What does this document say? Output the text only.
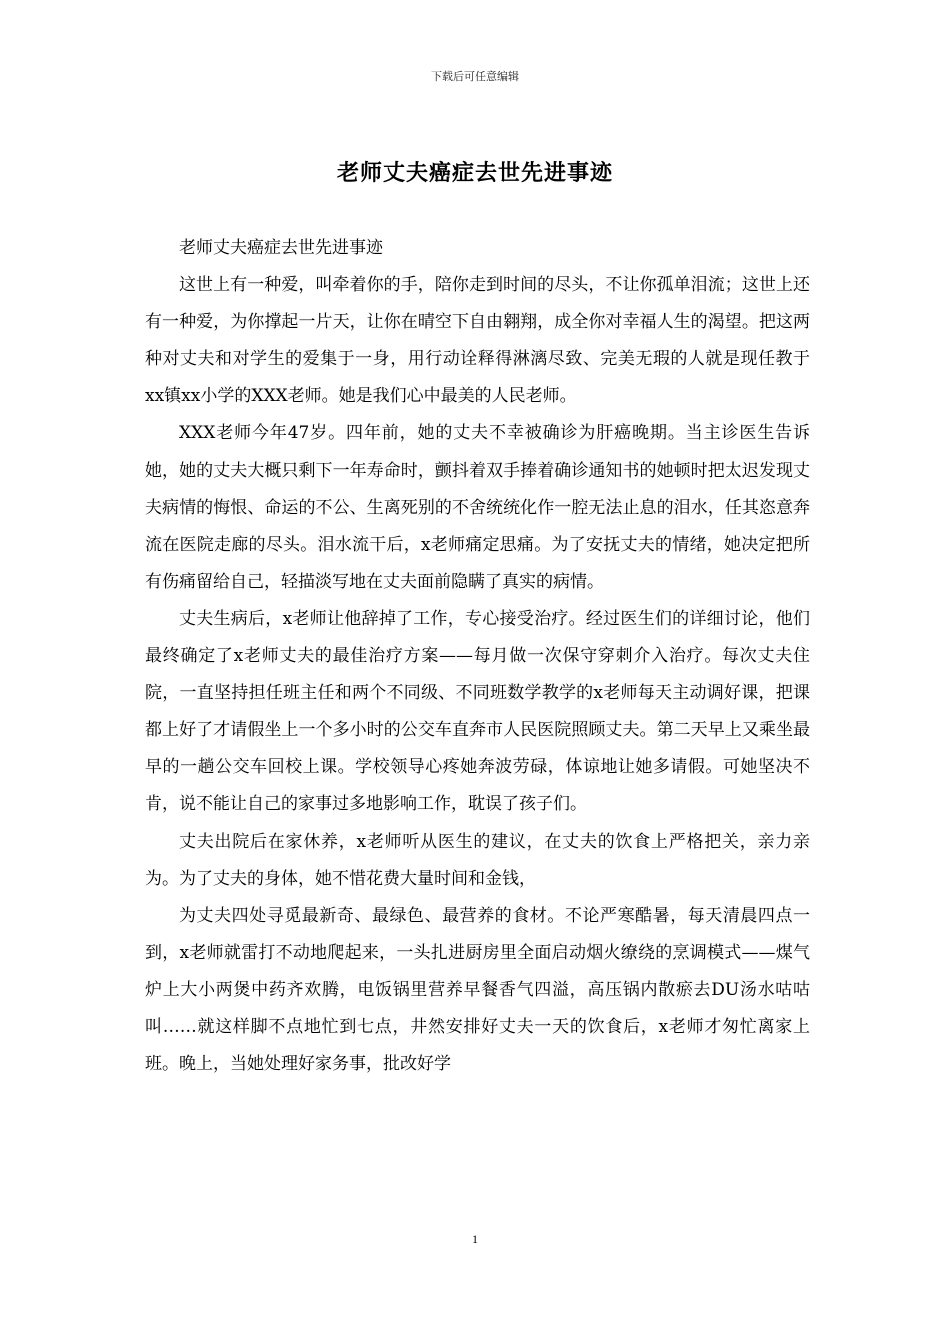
下载后可任意编辑
老师丈夫癌症去世先进事迹

老师丈夫癌症去世先进事迹

这世上有一种爱，叫牵着你的手，陪你走到时间的尽头，不让你孤单泪流；这世上还有一种爱，为你撑起一片天，让你在晴空下自由翱翔，成全你对幸福人生的渴望。把这两种对丈夫和对学生的爱集于一身，用行动诠释得淋漓尽致、完美无瑕的人就是现任教于xx镇xx小学的XXX老师。她是我们心中最美的人民老师。

XXX老师今年47岁。四年前，她的丈夫不幸被确诊为肝癌晚期。当主诊医生告诉她，她的丈夫大概只剩下一年寿命时，颤抖着双手捧着确诊通知书的她顿时把太迟发现丈夫病情的悔恨、命运的不公、生离死别的不舍统统化作一腔无法止息的泪水，任其恣意奔流在医院走廊的尽头。泪水流干后，x老师痛定思痛。为了安抚丈夫的情绪，她决定把所有伤痛留给自己，轻描淡写地在丈夫面前隐瞒了真实的病情。

丈夫生病后，x老师让他辞掉了工作，专心接受治疗。经过医生们的详细讨论，他们最终确定了x老师丈夫的最佳治疗方案——每月做一次保守穿刺介入治疗。每次丈夫住院，一直坚持担任班主任和两个不同级、不同班数学教学的x老师每天主动调好课，把课都上好了才请假坐上一个多小时的公交车直奔市人民医院照顾丈夫。第二天早上又乘坐最早的一趟公交车回校上课。学校领导心疼她奔波劳碌，体谅地让她多请假。可她坚决不肯，说不能让自己的家事过多地影响工作，耽误了孩子们。

丈夫出院后在家休养，x老师听从医生的建议，在丈夫的饮食上严格把关，亲力亲为。为了丈夫的身体，她不惜花费大量时间和金钱，

为丈夫四处寻觅最新奇、最绿色、最营养的食材。不论严寒酷暑，每天清晨四点一到，x老师就雷打不动地爬起来，一头扎进厨房里全面启动烟火缭绕的烹调模式——煤气炉上大小两煲中药齐欢腾，电饭锅里营养早餐香气四溢，高压锅内散瘀去DU汤水咕咕叫……就这样脚不点地忙到七点，井然安排好丈夫一天的饮食后，x老师才匆忙离家上班。晚上，当她处理好家务事，批改好学

1
